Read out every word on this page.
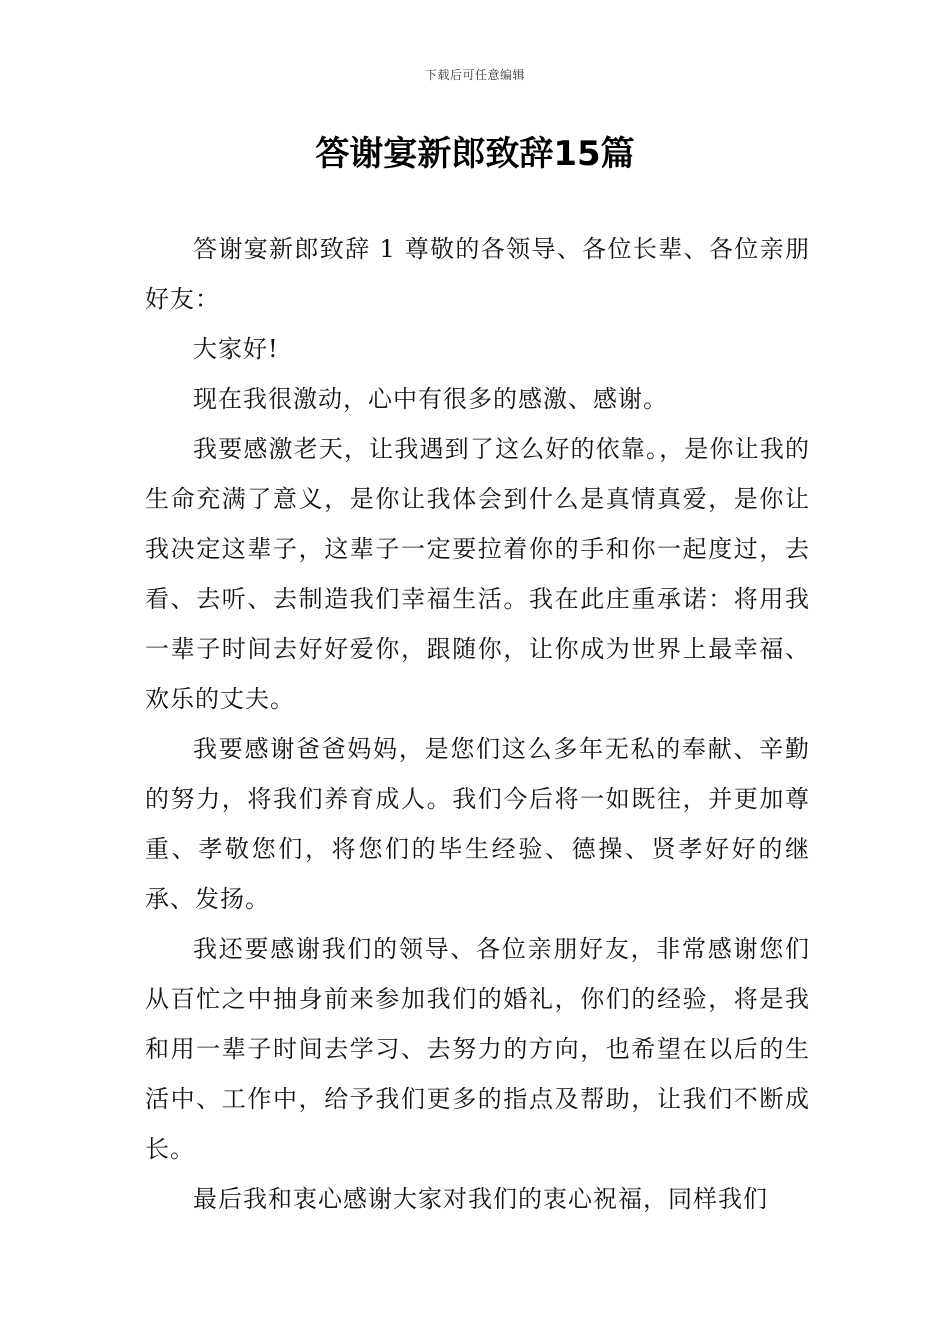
下载后可任意编辑
答谢宴新郎致辞15篇

答谢宴新郎致辞 1 尊敬的各领导、各位长辈、各位亲朋好友：

大家好!

现在我很激动，心中有很多的感激、感谢。

我要感激老天，让我遇到了这么好的依靠。，是你让我的生命充满了意义，是你让我体会到什么是真情真爱，是你让我决定这辈子，这辈子一定要拉着你的手和你一起度过，去看、去听、去制造我们幸福生活。我在此庄重承诺：将用我一辈子时间去好好爱你，跟随你，让你成为世界上最幸福、欢乐的丈夫。

我要感谢爸爸妈妈，是您们这么多年无私的奉献、辛勤的努力，将我们养育成人。我们今后将一如既往，并更加尊重、孝敬您们，将您们的毕生经验、德操、贤孝好好的继承、发扬。

我还要感谢我们的领导、各位亲朋好友，非常感谢您们从百忙之中抽身前来参加我们的婚礼，你们的经验，将是我和用一辈子时间去学习、去努力的方向，也希望在以后的生活中、工作中，给予我们更多的指点及帮助，让我们不断成长。

最后我和衷心感谢大家对我们的衷心祝福，同样我们
